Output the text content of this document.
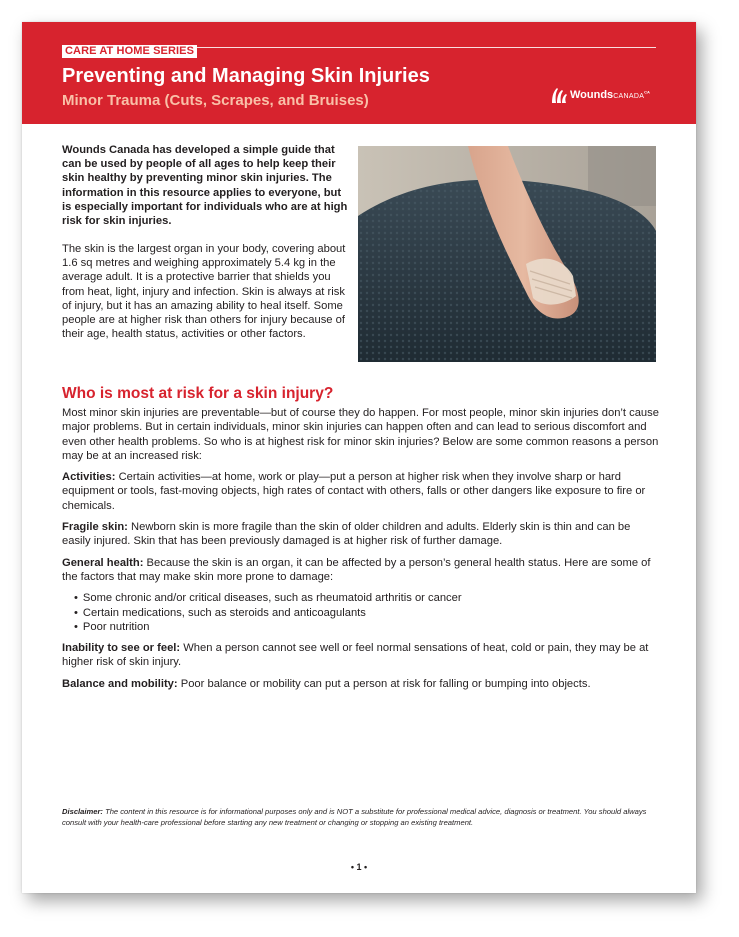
CARE AT HOME SERIES
Preventing and Managing Skin Injuries
Minor Trauma (Cuts, Scrapes, and Bruises)	WoundsCANADA$^{CA}$

Wounds Canada has developed a simple guide that can be used by people of all ages to help keep their skin healthy by preventing minor skin injuries. The information in this resource applies to everyone, but is especially important for individuals who are at high risk for skin injuries.

The skin is the largest organ in your body, covering about 1.6 sq metres and weighing approximately 5.4 kg in the average adult. It is a protective barrier that shields you from heat, light, injury and infection. Skin is always at risk of injury, but it has an amazing ability to heal itself. Some people are at higher risk than others for injury because of their age, health status, activities or other factors.

Who is most at risk for a skin injury?

Most minor skin injuries are preventable—but of course they do happen. For most people, minor skin injuries don’t cause major problems. But in certain individuals, minor skin injuries can happen often and can lead to serious discomfort and even other health problems. So who is at highest risk for minor skin injuries? Below are some common reasons a person may be at an increased risk:

Activities: Certain activities—at home, work or play—put a person at higher risk when they involve sharp or hard equipment or tools, fast-moving objects, high rates of contact with others, falls or other dangers like exposure to fire or chemicals.

Fragile skin: Newborn skin is more fragile than the skin of older children and adults. Elderly skin is thin and can be easily injured. Skin that has been previously damaged is at higher risk of further damage.

General health: Because the skin is an organ, it can be affected by a person’s general health status. Here are some of the factors that may make skin more prone to damage:

• Some chronic and/or critical diseases, such as rheumatoid arthritis or cancer
• Certain medications, such as steroids and anticoagulants
• Poor nutrition

Inability to see or feel: When a person cannot see well or feel normal sensations of heat, cold or pain, they may be at higher risk of skin injury.

Balance and mobility: Poor balance or mobility can put a person at risk for falling or bumping into objects.

Disclaimer: The content in this resource is for informational purposes only and is NOT a substitute for professional medical advice, diagnosis or treatment. You should always consult with your health-care professional before starting any new treatment or changing or stopping an existing treatment.

• 1 •
